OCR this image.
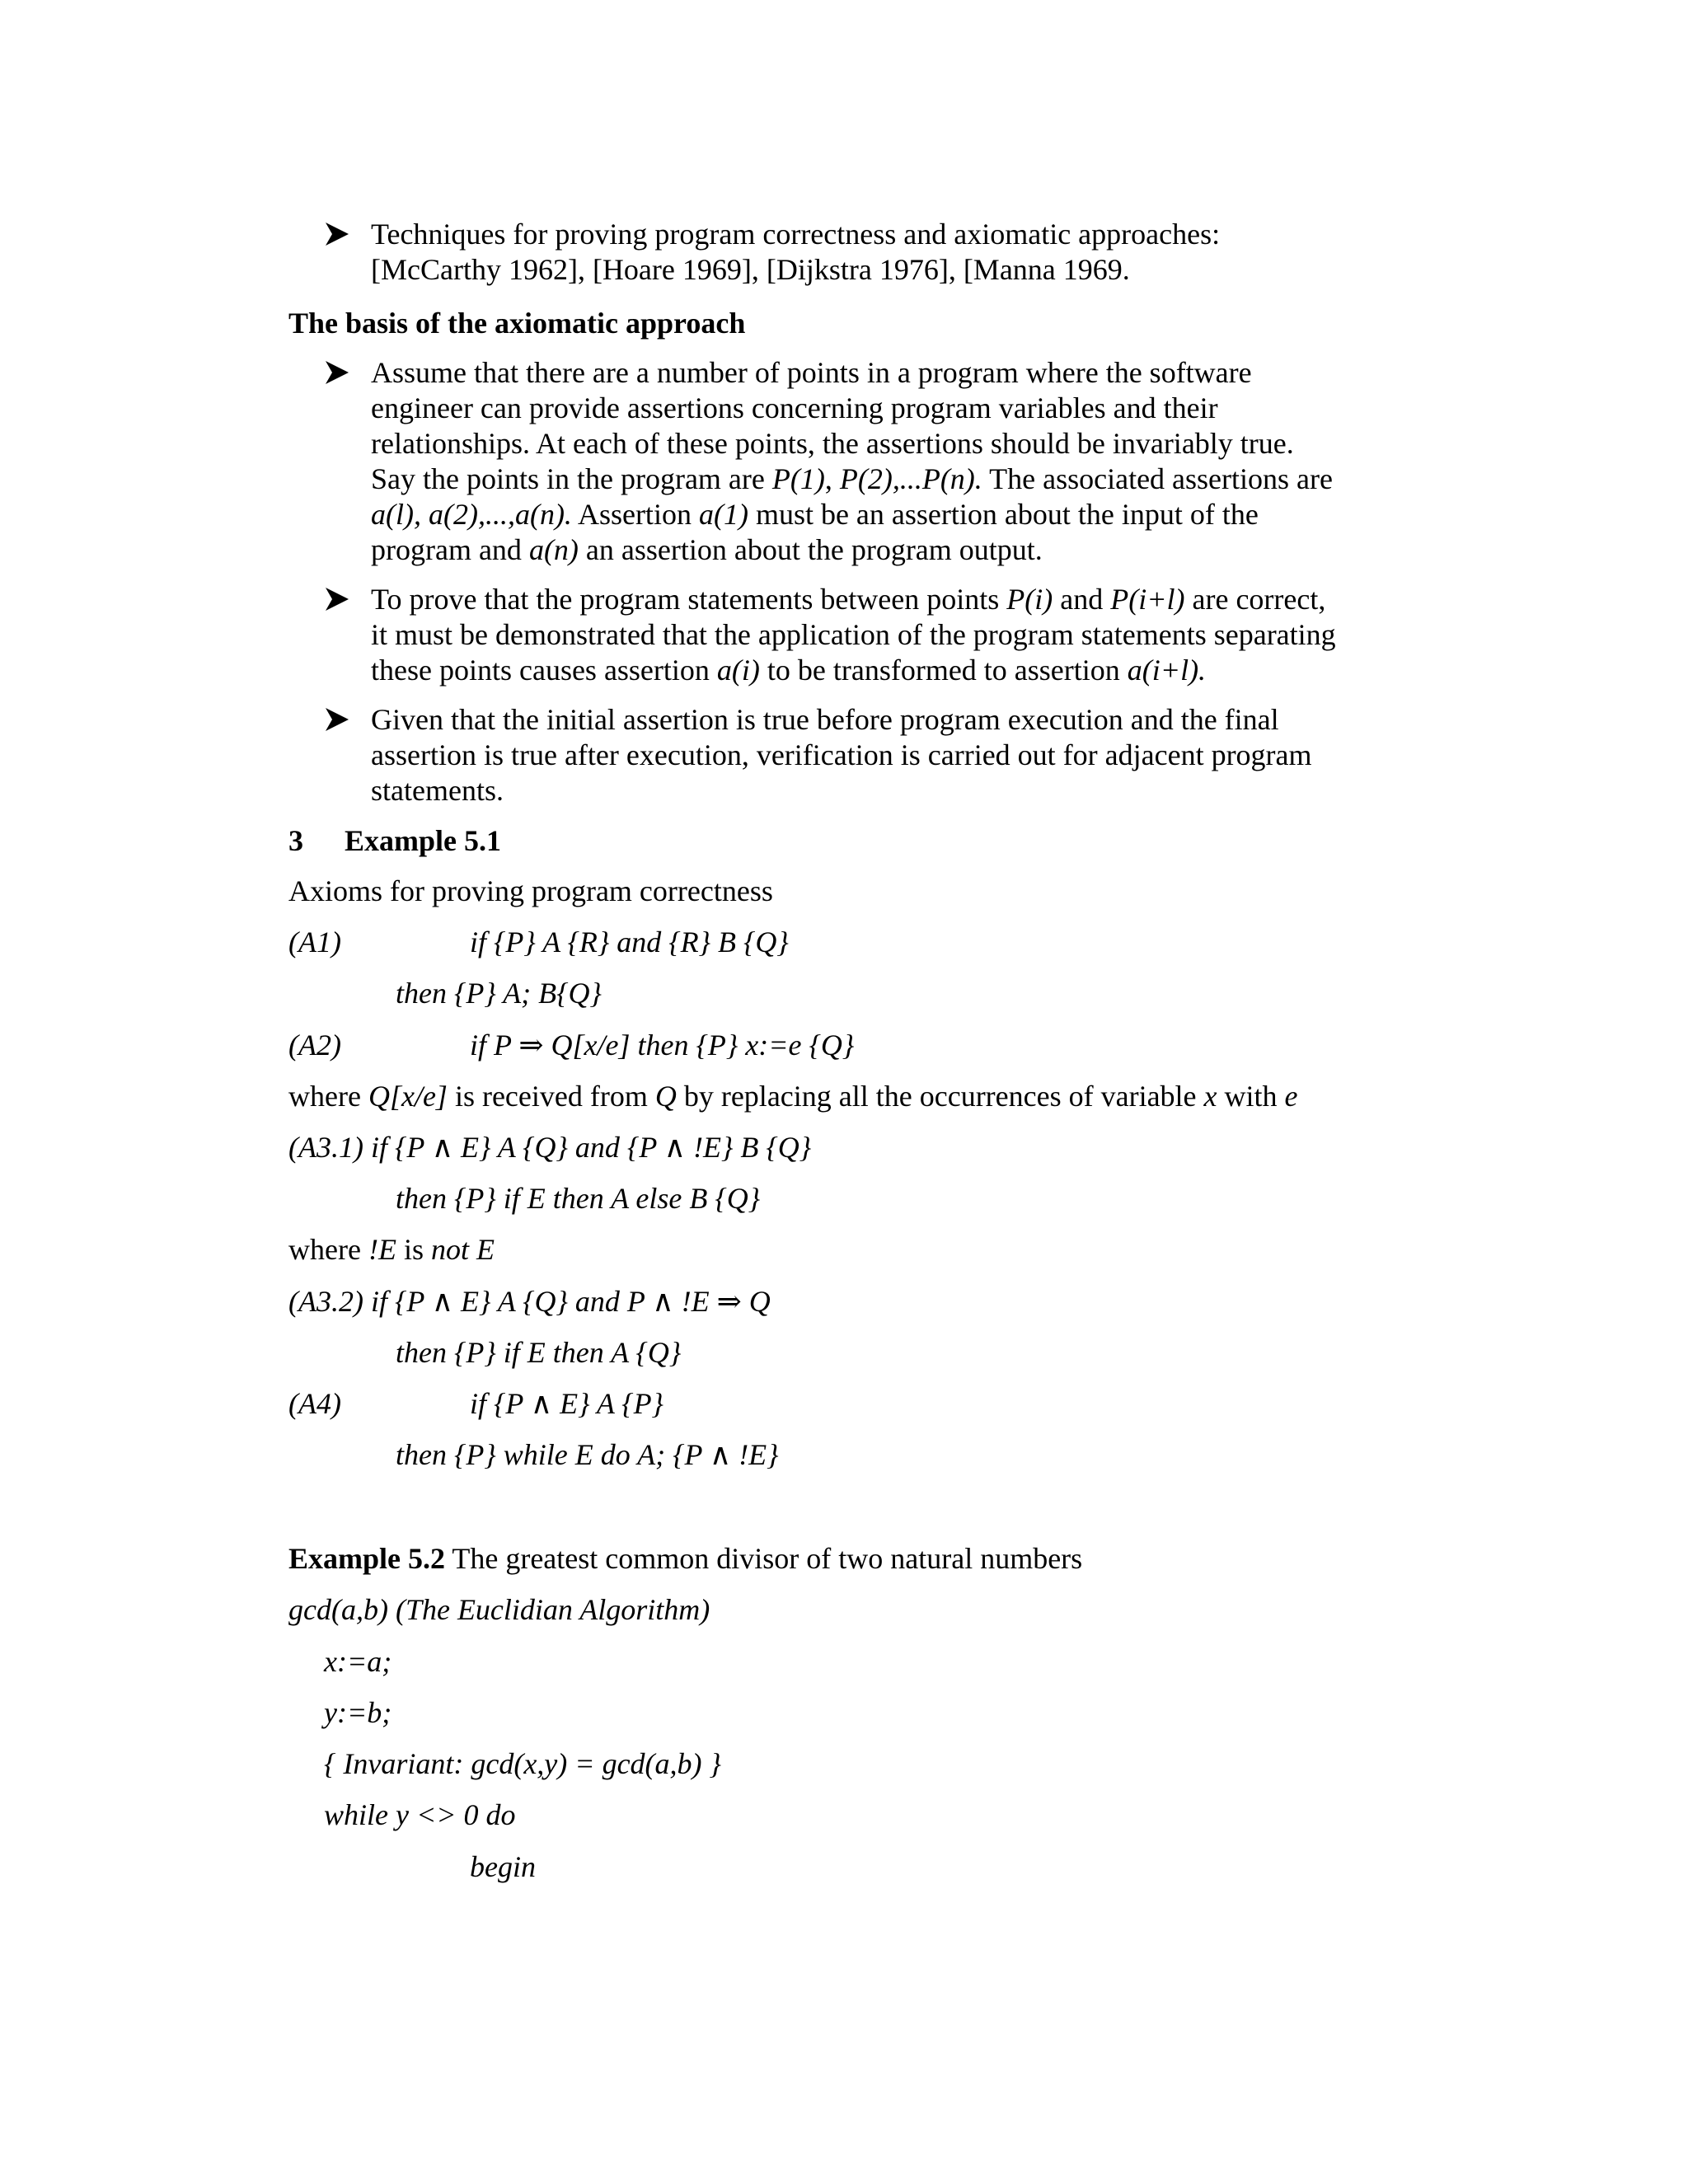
Techniques for proving program correctness and axiomatic approaches:
[McCarthy 1962], [Hoare 1969], [Dijkstra 1976], [Manna 1969.
The basis of the axiomatic approach
Assume that there are a number of points in a program where the software
engineer can provide assertions concerning program variables and their
relationships. At each of these points, the assertions should be invariably true.
Say the points in the program are P(1), P(2),...P(n). The associated assertions are
a(l), a(2),...,a(n). Assertion a(1) must be an assertion about the input of the
program and a(n) an assertion about the program output.
To prove that the program statements between points P(i) and P(i+l) are correct,
it must be demonstrated that the application of the program statements separating
these points causes assertion a(i) to be transformed to assertion a(i+l).
Given that the initial assertion is true before program execution and the final
assertion is true after execution, verification is carried out for adjacent program
statements.
3 Example 5.1
Axioms for proving program correctness
(A1)	if {P} A {R} and {R} B {Q}
then {P} A; B{Q}
(A2)	if P ⇒ Q[x/e] then {P} x:=e {Q}
where Q[x/e] is received from Q by replacing all the occurrences of variable x with e
(A3.1) if {P ∧ E} A {Q} and {P ∧ !E} B {Q}
then {P} if E then A else B {Q}
where !E is not E
(A3.2) if {P ∧ E} A {Q} and P ∧ !E ⇒ Q
then {P} if E then A {Q}
(A4)	if {P ∧ E} A {P}
then {P} while E do A; {P ∧ !E}
Example 5.2 The greatest common divisor of two natural numbers
gcd(a,b) (The Euclidian Algorithm)
x:=a;
y:=b;
{ Invariant: gcd(x,y) = gcd(a,b) }
while y <> 0 do
begin
